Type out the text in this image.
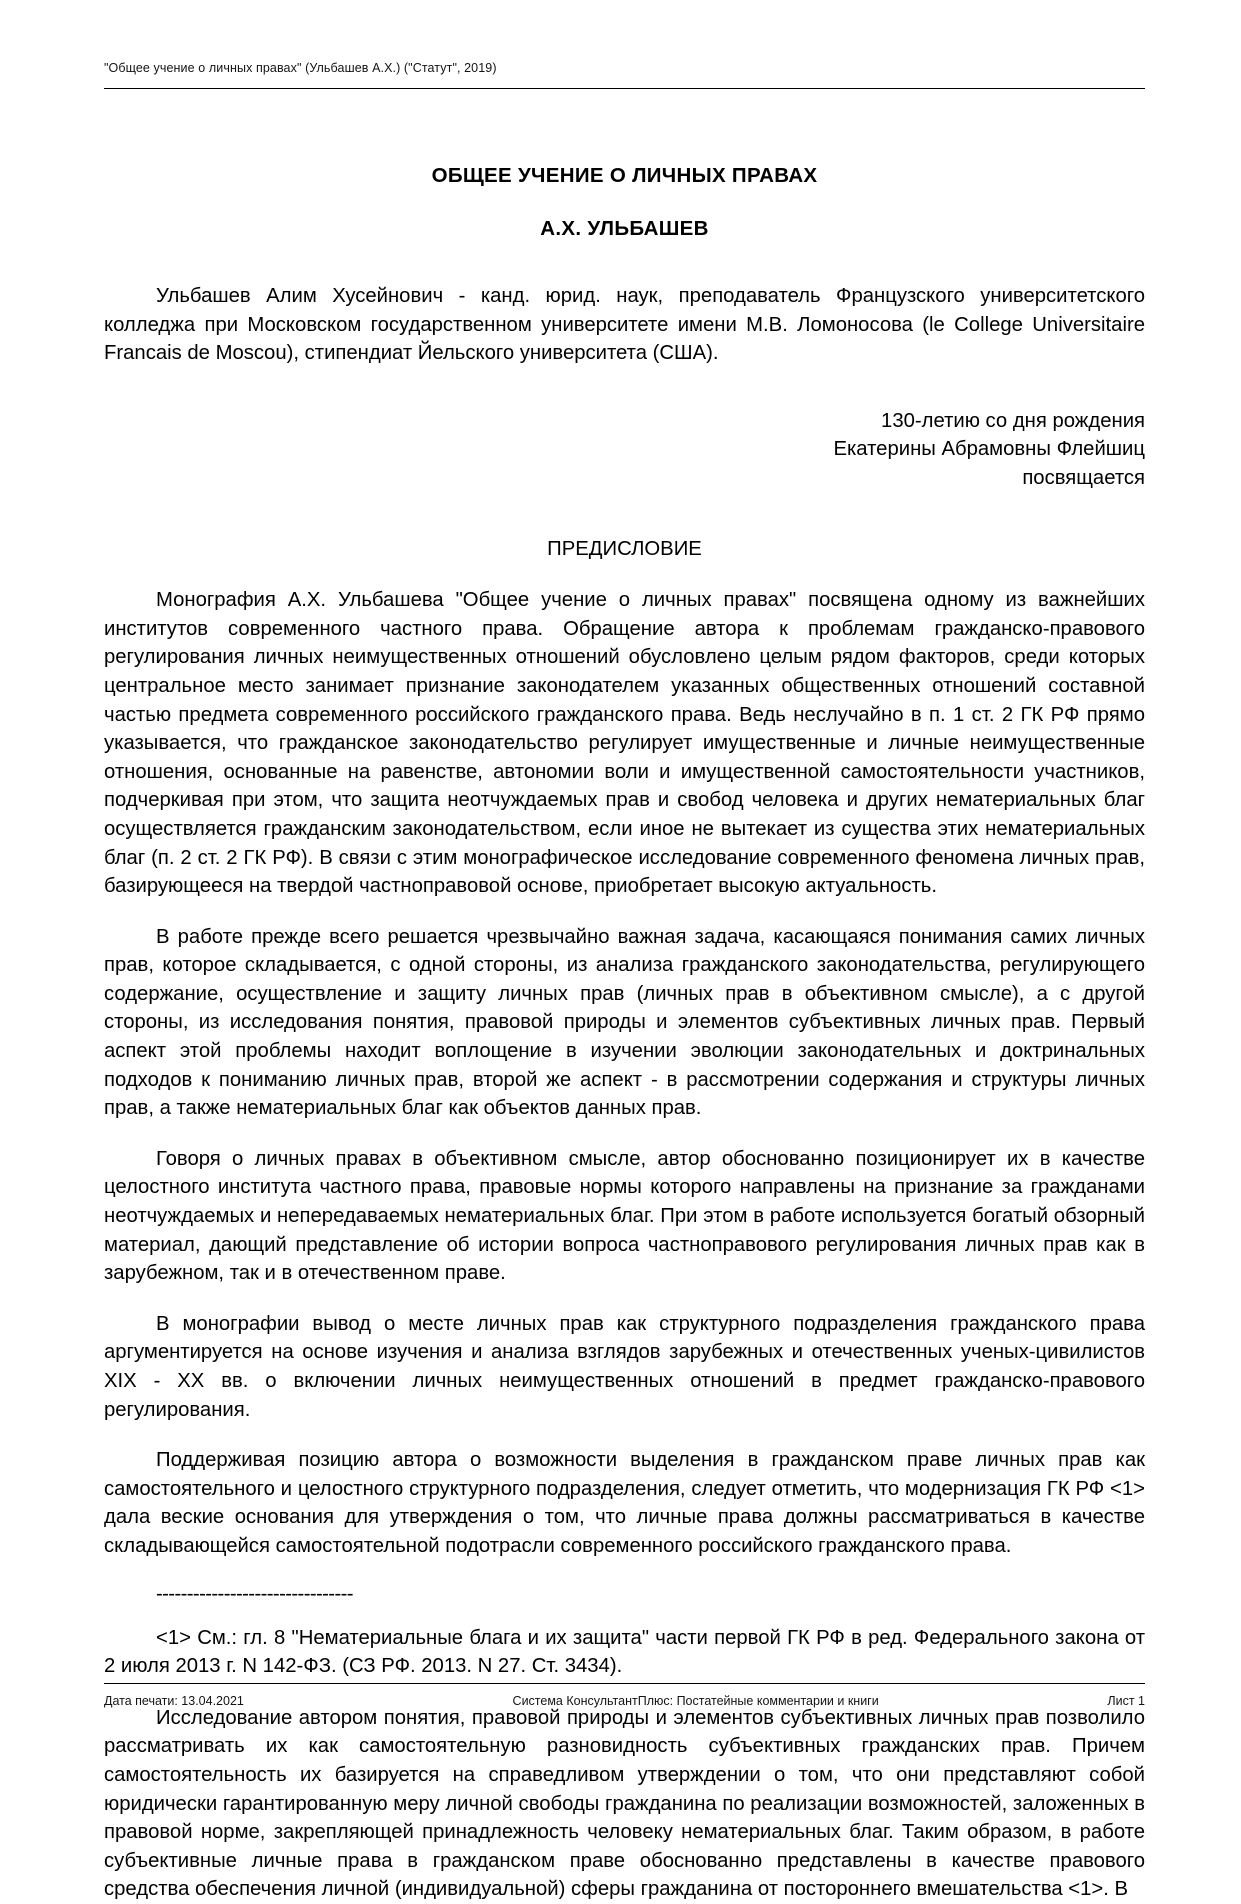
"Общее учение о личных правах" (Ульбашев А.Х.) ("Статут", 2019)
ОБЩЕЕ УЧЕНИЕ О ЛИЧНЫХ ПРАВАХ
А.Х. УЛЬБАШЕВ

Ульбашев Алим Хусейнович - канд. юрид. наук, преподаватель Французского университетского колледжа при Московском государственном университете имени М.В. Ломоносова (le College Universitaire Francais de Moscou), стипендиат Йельского университета (США).

130-летию со дня рождения
Екатерины Абрамовны Флейшиц
посвящается
ПРЕДИСЛОВИЕ

Монография А.Х. Ульбашева "Общее учение о личных правах" посвящена одному из важнейших институтов современного частного права. Обращение автора к проблемам гражданско-правового регулирования личных неимущественных отношений обусловлено целым рядом факторов, среди которых центральное место занимает признание законодателем указанных общественных отношений составной частью предмета современного российского гражданского права. Ведь неслучайно в п. 1 ст. 2 ГК РФ прямо указывается, что гражданское законодательство регулирует имущественные и личные неимущественные отношения, основанные на равенстве, автономии воли и имущественной самостоятельности участников, подчеркивая при этом, что защита неотчуждаемых прав и свобод человека и других нематериальных благ осуществляется гражданским законодательством, если иное не вытекает из существа этих нематериальных благ (п. 2 ст. 2 ГК РФ). В связи с этим монографическое исследование современного феномена личных прав, базирующееся на твердой частноправовой основе, приобретает высокую актуальность.

В работе прежде всего решается чрезвычайно важная задача, касающаяся понимания самих личных прав, которое складывается, с одной стороны, из анализа гражданского законодательства, регулирующего содержание, осуществление и защиту личных прав (личных прав в объективном смысле), а с другой стороны, из исследования понятия, правовой природы и элементов субъективных личных прав. Первый аспект этой проблемы находит воплощение в изучении эволюции законодательных и доктринальных подходов к пониманию личных прав, второй же аспект - в рассмотрении содержания и структуры личных прав, а также нематериальных благ как объектов данных прав.

Говоря о личных правах в объективном смысле, автор обоснованно позиционирует их в качестве целостного института частного права, правовые нормы которого направлены на признание за гражданами неотчуждаемых и непередаваемых нематериальных благ. При этом в работе используется богатый обзорный материал, дающий представление об истории вопроса частноправового регулирования личных прав как в зарубежном, так и в отечественном праве.

В монографии вывод о месте личных прав как структурного подразделения гражданского права аргументируется на основе изучения и анализа взглядов зарубежных и отечественных ученых-цивилистов XIX - XX вв. о включении личных неимущественных отношений в предмет гражданско-правового регулирования.

Поддерживая позицию автора о возможности выделения в гражданском праве личных прав как самостоятельного и целостного структурного подразделения, следует отметить, что модернизация ГК РФ <1> дала веские основания для утверждения о том, что личные права должны рассматриваться в качестве складывающейся самостоятельной подотрасли современного российского гражданского права.

--------------------------------

<1> См.: гл. 8 "Нематериальные блага и их защита" части первой ГК РФ в ред. Федерального закона от 2 июля 2013 г. N 142-ФЗ. (СЗ РФ. 2013. N 27. Ст. 3434).

Исследование автором понятия, правовой природы и элементов субъективных личных прав позволило рассматривать их как самостоятельную разновидность субъективных гражданских прав. Причем самостоятельность их базируется на справедливом утверждении о том, что они представляют собой юридически гарантированную меру личной свободы гражданина по реализации возможностей, заложенных в правовой норме, закрепляющей принадлежность человеку нематериальных благ. Таким образом, в работе субъективные личные права в гражданском праве обоснованно представлены в качестве правового средства обеспечения личной (индивидуальной) сферы гражданина от постороннего вмешательства <1>. В

Дата печати: 13.04.2021	Система КонсультантПлюс: Постатейные комментарии и книги	Лист 1
